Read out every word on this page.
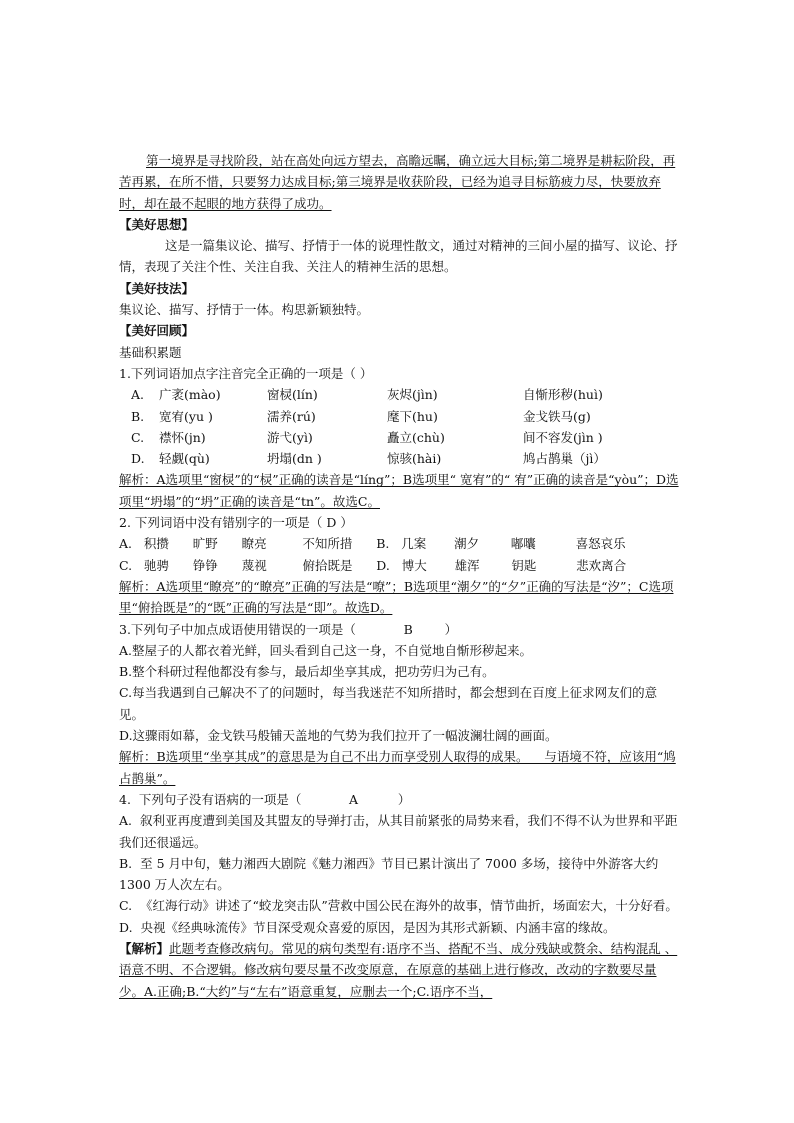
第一境界是寻找阶段，站在高处向远方望去，高瞻远瞩，确立远大目标;第二境界是耕耘阶段，再苦再累，在所不惜，只要努力达成目标;第三境界是收获阶段，已经为追寻目标筋疲力尽，快要放弃时，却在最不起眼的地方获得了成功。

【美好思想】

这是一篇集议论、描写、抒情于一体的说理性散文，通过对精神的三间小屋的描写、议论、抒情，表现了关注个性、关注自我、关注人的精神生活的思想。

【美好技法】

集议论、描写、抒情于一体。构思新颖独特。

【美好回顾】

基础积累题

1.下列词语加点字注音完全正确的一项是（ ）

A.	广袤(mào)	窗棂(lín)	灰烬(jìn)	自惭形秽(huì)
B.	宽宥(yu )	濡养(rú)	麾下(hu)	金戈铁马(g)
C.	襟怀(jn)	游弋(yì)	矗立(chù)	间不容发(jìn )
D.	轻觑(qù)	坍塌(dn )	惊骇(hài)	鸠占鹊巢（jì）

解析：A选项里“窗棂”的“棂”正确的读音是“líng”；B选项里“ 宽宥”的“ 宥”正确的读音是“yòu”；D选项里“坍塌”的“坍”正确的读音是“tn”。故选C。

2. 下列词语中没有错别字的一项是（ D ）

A.   积攒      旷野      瞭亮         不知所措      B.   几案       潮夕        嘟囔          喜怒哀乐

C.   驰骋      铮铮      蔑视         俯拾既是      D.   博大       雄浑        钥匙          悲欢离合

解析：A选项里“瞭亮”的“瞭亮”正确的写法是“嘹”；B选项里“潮夕”的“夕”正确的写法是“汐”；C选项里“俯拾既是”的“既”正确的写法是“即”。故选D。

3.下列句子中加点成语使用错误的一项是（            B        ）

A.整屋子的人都衣着光鲜，回头看到自己这一身，不自觉地自惭形秽起来。

B.整个科研过程他都没有参与，最后却坐享其成，把功劳归为己有。

C.每当我遇到自己解决不了的问题时，每当我迷茫不知所措时，都会想到在百度上征求网友们的意见。

D.这骤雨如幕，金戈铁马般铺天盖地的气势为我们拉开了一幅波澜壮阔的画面。

解析：B选项里“坐享其成”的意思是为自己不出力而享受别人取得的成果。    与语境不符，应该用“鸠占鹊巢”。

4.  下列句子没有语病的一项是（            A          ）

A.  叙利亚再度遭到美国及其盟友的导弹打击，从其目前紧张的局势来看，我们不得不认为世界和平距我们还很遥远。

B.  至 5 月中旬，魅力湘西大剧院《魅力湘西》节目已累计演出了 7000 多场，接待中外游客大约 1300 万人次左右。

C.  《红海行动》讲述了“蛟龙突击队”营救中国公民在海外的故事，情节曲折，场面宏大，十分好看。

D.  央视《经典咏流传》节目深受观众喜爱的原因，是因为其形式新颖、内涵丰富的缘故。

【解析】此题考查修改病句。常见的病句类型有:语序不当、搭配不当、成分残缺或赘余、结构混乱 、语意不明、不合逻辑。修改病句要尽量不改变原意，在原意的基础上进行修改，改动的字数要尽量少。A.正确;B.“大约”与“左右”语意重复，应删去一个;C.语序不当，
